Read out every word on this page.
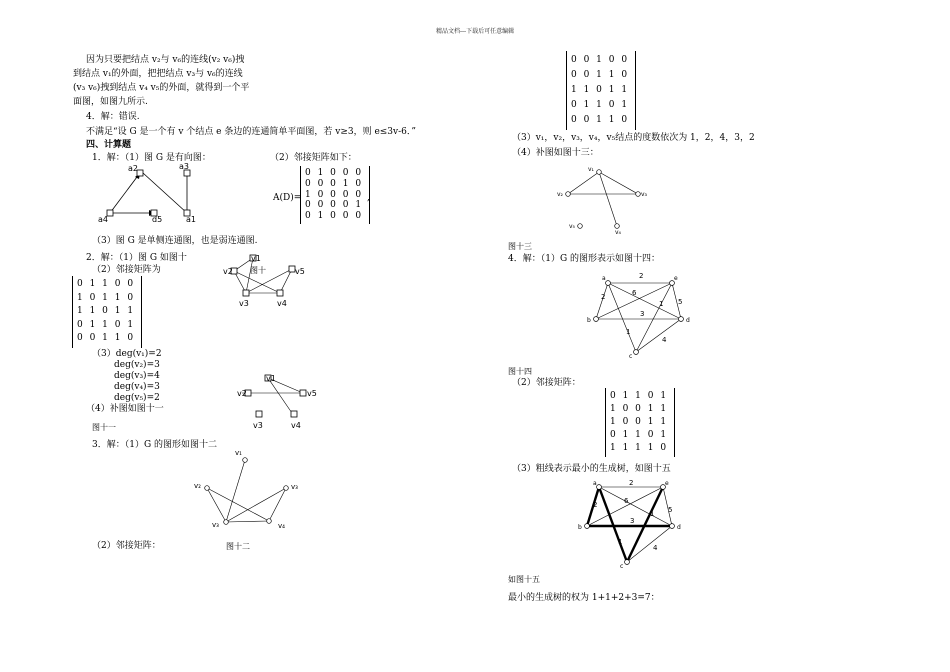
精品文档---下载后可任意编辑
因为只要把结点 v₂与 v₆的连线(v₂ v₆)拽
到结点 v₁的外面，把把结点 v₃与 v₆的连线
(v₃ v₆)拽到结点 v₄ v₅的外面，就得到一个平
面图，如图九所示.
4．解：错误.
不满足“设 G 是一个有 v 个结点 e 条边的连通简单平面图，若 v≥3，则 e≤3v-6．”
四、计算题
1．解：（1）图 G 是有向图：	（2）邻接矩阵如下：
a2	a3
a4	d5	a1
A(D)=
0 1 0 0 0
0 0 0 1 0
1 0 0 0 0
0 0 0 0 1
0 1 0 0 0
,
（3）图 G 是单侧连通图，也是弱连通图.
2．解：（1）图 G 如图十
（2）邻接矩阵为
v1
v2	v5
v3	v4
图十
0 1 1 0 0
1 0 1 1 0
1 1 0 1 1
0 1 1 0 1
0 0 1 1 0
（3）deg(v₁)=2
deg(v₂)=3
deg(v₃)=4
deg(v₄)=3
deg(v₅)=2
（4）补图如图十一
v1
v2	v5
v3	v4
图十一
3．解：（1）G 的图形如图十二
v₁
v₂	v₃
v₃	v₄
（2）邻接矩阵：	图十二
0 0 1 0 0
0 0 1 1 0
1 1 0 1 1
0 1 1 0 1
0 0 1 1 0
（3）v₁，v₂，v₃，v₄，v₅结点的度数依次为 1，2，4，3，2
（4）补图如图十三：
v₁
v₂	v₃
v₅
v₄
图十三
4．解：（1）G 的图形表示如图十四：
a	e
b	d
c
2
6
1 5
2
3
1
4
图十四
（2）邻接矩阵：
0 1 1 0 1
1 0 0 1 1
1 0 0 1 1
0 1 1 0 1
1 1 1 1 0
（3）粗线表示最小的生成树，如图十五
a	e
b	d
c
2
6
1 5
2
3
1
4
如图十五
最小的生成树的权为 1+1+2+3=7：
